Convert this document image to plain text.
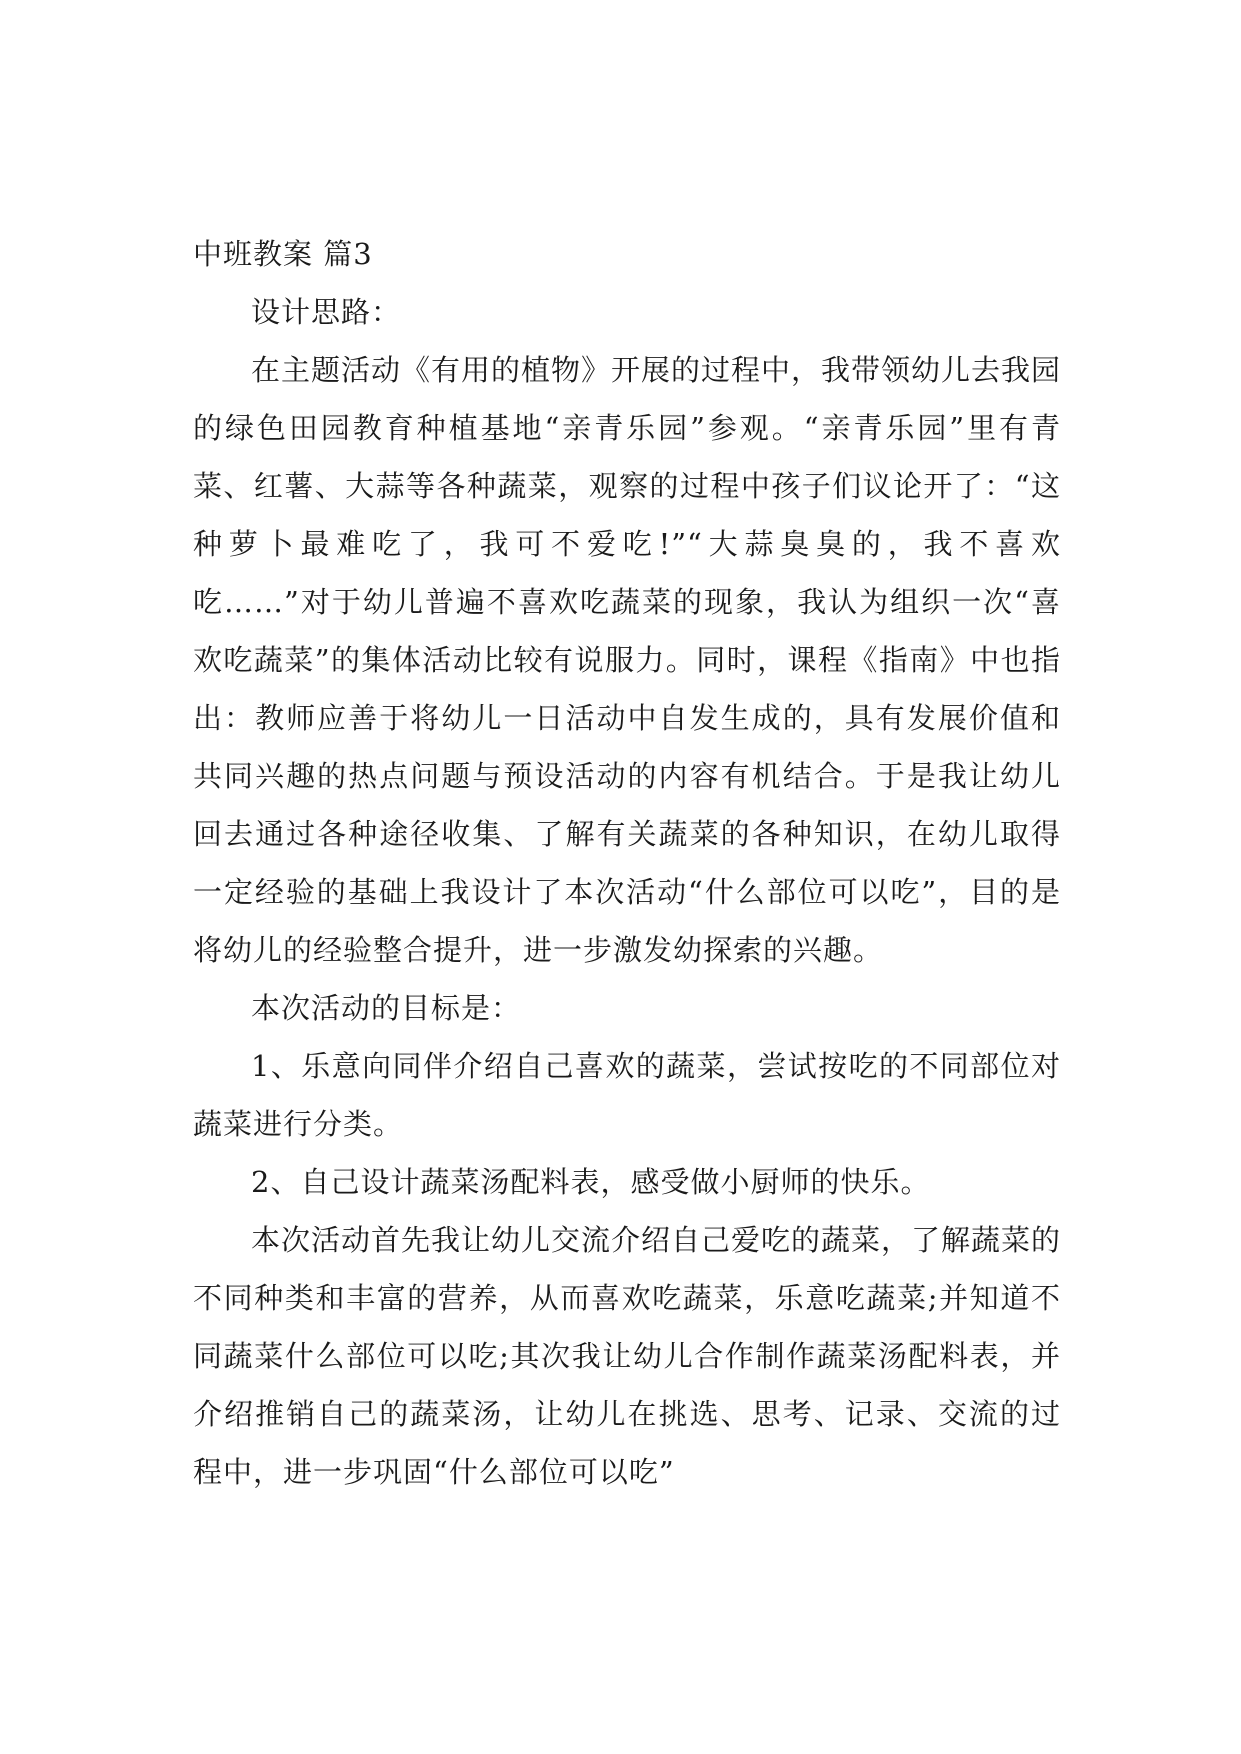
中班教案 篇3

设计思路：

在主题活动《有用的植物》开展的过程中，我带领幼儿去我园的绿色田园教育种植基地“亲青乐园”参观。“亲青乐园”里有青菜、红薯、大蒜等各种蔬菜，观察的过程中孩子们议论开了：“这种萝卜最难吃了，我可不爱吃!”“大蒜臭臭的，我不喜欢吃……”对于幼儿普遍不喜欢吃蔬菜的现象，我认为组织一次“喜欢吃蔬菜”的集体活动比较有说服力。同时，课程《指南》中也指出：教师应善于将幼儿一日活动中自发生成的，具有发展价值和共同兴趣的热点问题与预设活动的内容有机结合。于是我让幼儿回去通过各种途径收集、了解有关蔬菜的各种知识，在幼儿取得一定经验的基础上我设计了本次活动“什么部位可以吃”，目的是将幼儿的经验整合提升，进一步激发幼探索的兴趣。

本次活动的目标是：

1、乐意向同伴介绍自己喜欢的蔬菜，尝试按吃的不同部位对蔬菜进行分类。

2、自己设计蔬菜汤配料表，感受做小厨师的快乐。

本次活动首先我让幼儿交流介绍自己爱吃的蔬菜，了解蔬菜的不同种类和丰富的营养，从而喜欢吃蔬菜，乐意吃蔬菜;并知道不同蔬菜什么部位可以吃;其次我让幼儿合作制作蔬菜汤配料表，并介绍推销自己的蔬菜汤，让幼儿在挑选、思考、记录、交流的过程中，进一步巩固“什么部位可以吃”
